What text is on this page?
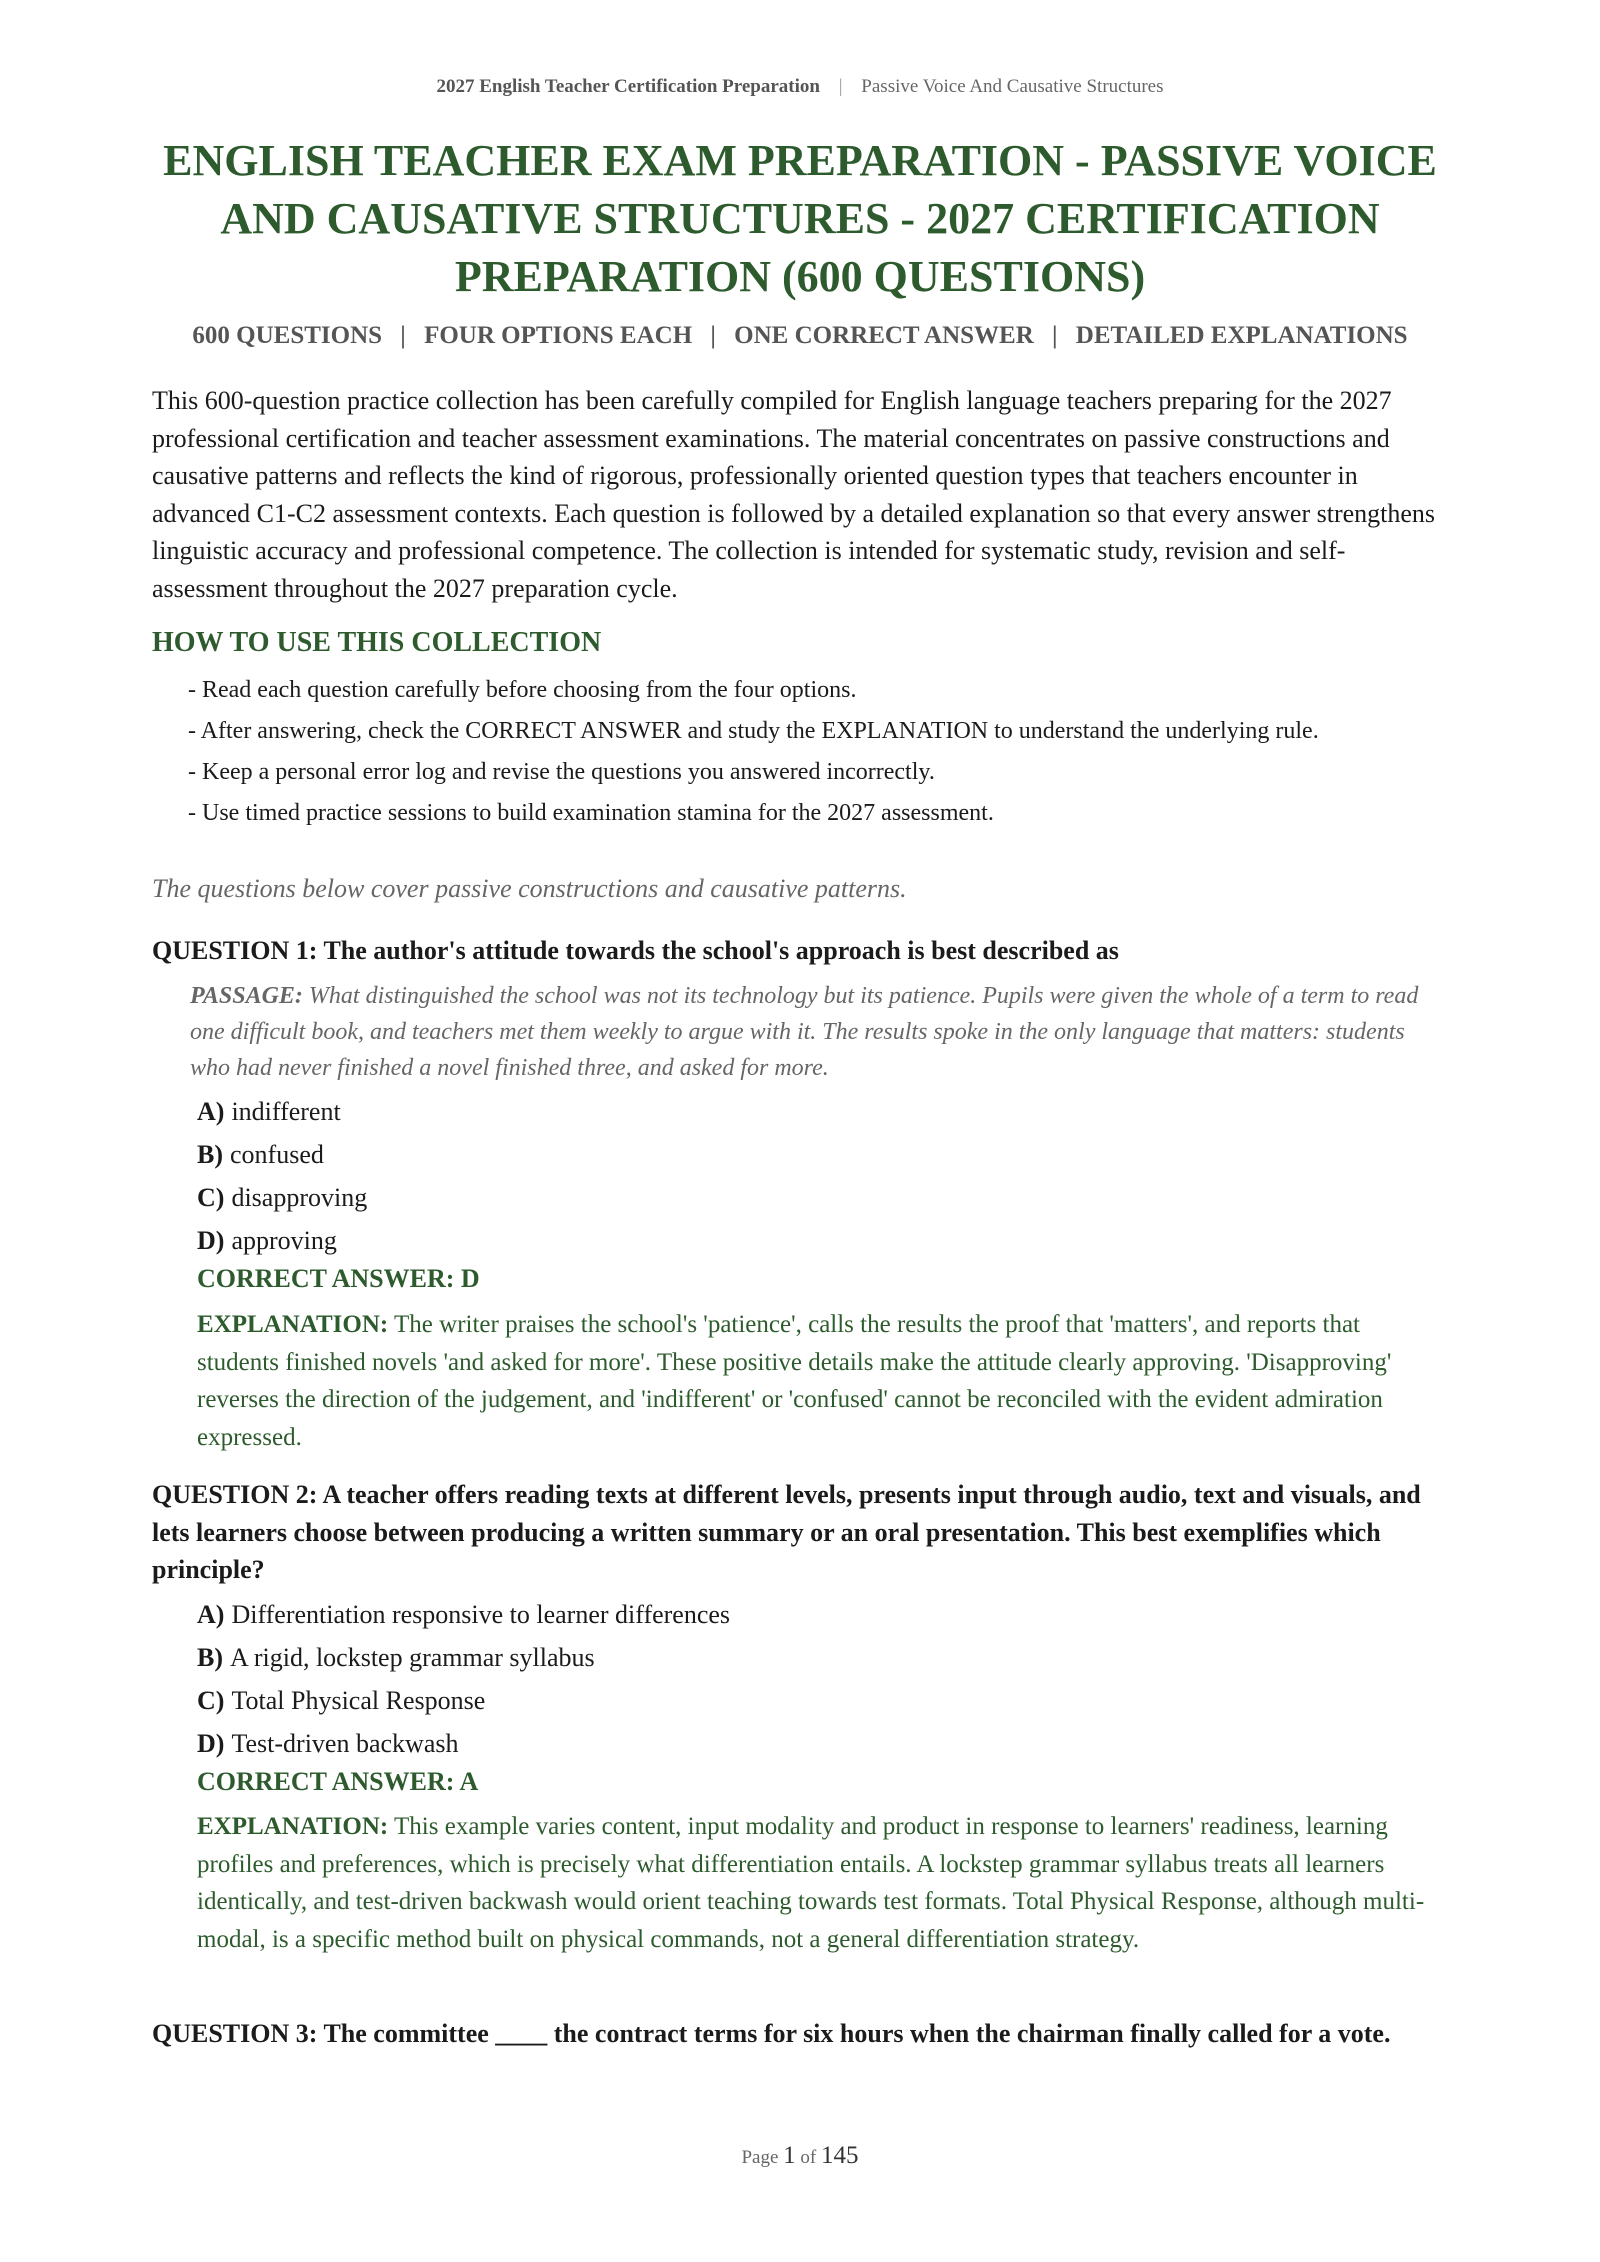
2027 English Teacher Certification Preparation | Passive Voice And Causative Structures
ENGLISH TEACHER EXAM PREPARATION - PASSIVE VOICE AND CAUSATIVE STRUCTURES - 2027 CERTIFICATION PREPARATION (600 QUESTIONS)
600 QUESTIONS | FOUR OPTIONS EACH | ONE CORRECT ANSWER | DETAILED EXPLANATIONS

This 600-question practice collection has been carefully compiled for English language teachers preparing for the 2027 professional certification and teacher assessment examinations. The material concentrates on passive constructions and causative patterns and reflects the kind of rigorous, professionally oriented question types that teachers encounter in advanced C1-C2 assessment contexts. Each question is followed by a detailed explanation so that every answer strengthens linguistic accuracy and professional competence. The collection is intended for systematic study, revision and self-assessment throughout the 2027 preparation cycle.

HOW TO USE THIS COLLECTION
- Read each question carefully before choosing from the four options.
- After answering, check the CORRECT ANSWER and study the EXPLANATION to understand the underlying rule.
- Keep a personal error log and revise the questions you answered incorrectly.
- Use timed practice sessions to build examination stamina for the 2027 assessment.

The questions below cover passive constructions and causative patterns.

QUESTION 1: The author's attitude towards the school's approach is best described as

PASSAGE: What distinguished the school was not its technology but its patience. Pupils were given the whole of a term to read one difficult book, and teachers met them weekly to argue with it. The results spoke in the only language that matters: students who had never finished a novel finished three, and asked for more.

A) indifferent
B) confused
C) disapproving
D) approving

CORRECT ANSWER: D

EXPLANATION: The writer praises the school's 'patience', calls the results the proof that 'matters', and reports that students finished novels 'and asked for more'. These positive details make the attitude clearly approving. 'Disapproving' reverses the direction of the judgement, and 'indifferent' or 'confused' cannot be reconciled with the evident admiration expressed.

QUESTION 2: A teacher offers reading texts at different levels, presents input through audio, text and visuals, and lets learners choose between producing a written summary or an oral presentation. This best exemplifies which principle?

A) Differentiation responsive to learner differences
B) A rigid, lockstep grammar syllabus
C) Total Physical Response
D) Test-driven backwash

CORRECT ANSWER: A

EXPLANATION: This example varies content, input modality and product in response to learners' readiness, learning profiles and preferences, which is precisely what differentiation entails. A lockstep grammar syllabus treats all learners identically, and test-driven backwash would orient teaching towards test formats. Total Physical Response, although multi-modal, is a specific method built on physical commands, not a general differentiation strategy.

QUESTION 3: The committee ____ the contract terms for six hours when the chairman finally called for a vote.

Page 1 of 145
